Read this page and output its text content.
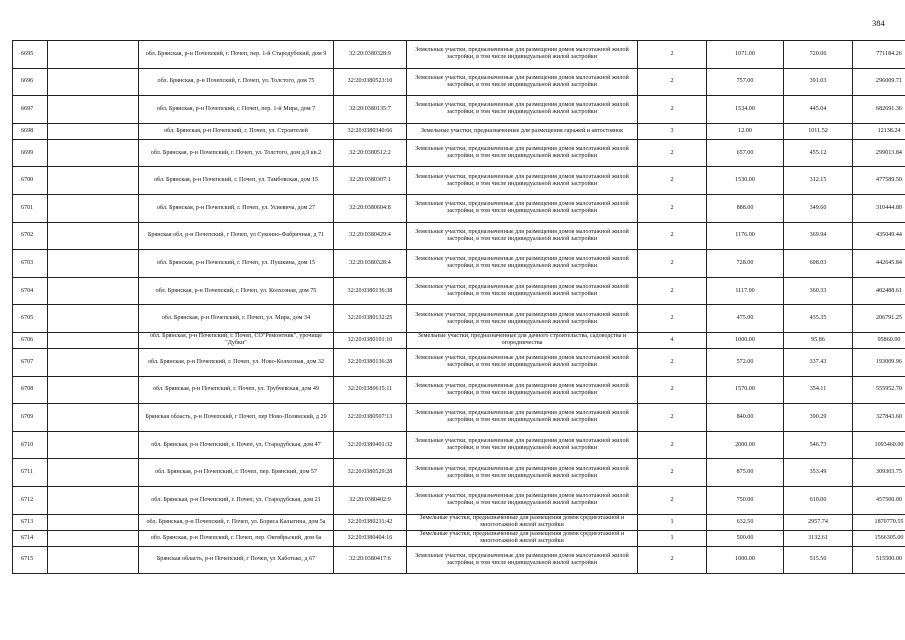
384
6695		обл. Брянская, р-н Почепский, г. Почеп, пер. 1-й Стародубский, дом 9	32:20:0380328:9	Земельные участки, предназначенные для размещения домов малоэтажной жилой застройки, в том числе индивидуальной жилой застройки	2	1071.00	720.06	771184.26
6696		обл. Брянская, р-н Почепский, г. Почеп, ул. Толстого, дом 75	32:20:0380523:10	Земельные участки, предназначенные для размещения домов малоэтажной жилой застройки, в том числе индивидуальной жилой застройки	2	757.00	391.03	296009.71
6697		обл. Брянская, р-н Почепский, г. Почеп, пер. 1-й Мира, дом 7	32:20:0380135:7	Земельные участки, предназначенные для размещения домов малоэтажной жилой застройки, в том числе индивидуальной жилой застройки	2	1534.00	445.04	682691.36
6698		обл. Брянская, р-н Почепский, г. Почеп, ул. Строителей	32:20:0380340:66	Земельные участки, предназначенные для размещения гаражей и автостоянок	3	12.00	1011.52	12138.24
6699		обл. Брянская, р-н Почепский, г. Почеп, ул. Толстого, дом д.9 кв.2	32:20:0380512:2	Земельные участки, предназначенные для размещения домов малоэтажной жилой застройки, в том числе индивидуальной жилой застройки	2	657.00	455.12	299013.84
6700		обл. Брянская, р-н Почепский, г. Почеп, ул. Тамбовская, дом 15	32:20:0380307:1	Земельные участки, предназначенные для размещения домов малоэтажной жилой застройки, в том числе индивидуальной жилой застройки	2	1530.00	312.15	477589.50
6701		обл. Брянская, р-н Почепский, г. Почеп, ул. Усиевича, дом 27	32:20:0380604:8	Земельные участки, предназначенные для размещения домов малоэтажной жилой застройки, в том числе индивидуальной жилой застройки	2	888.00	349.60	310444.80
6702		Брянская обл, р-н Почепский, г Почеп, ул Суконно-Фабричная, д 71	32:20:0380429:4	Земельные участки, предназначенные для размещения домов малоэтажной жилой застройки, в том числе индивидуальной жилой застройки	2	1176.00	369.94	435049.44
6703		обл. Брянская, р-н Почепский, г. Почеп, ул. Пушкина, дом 15	32:20:0380328:4	Земельные участки, предназначенные для размещения домов малоэтажной жилой застройки, в том числе индивидуальной жилой застройки	2	728.00	608.03	442645.84
6704		обл. Брянская, р-н Почепский, г. Почеп, ул. Колхозная, дом 75	32:20:0380136:38	Земельные участки, предназначенные для размещения домов малоэтажной жилой застройки, в том числе индивидуальной жилой застройки	2	1117.00	360.33	402488.61
6705		обл. Брянская, р-н Почепский, г. Почеп, ул. Мира, дом 34	32:20:0380132:25	Земельные участки, предназначенные для размещения домов малоэтажной жилой застройки, в том числе индивидуальной жилой застройки	2	475.00	435.35	206791.25
6706		обл. Брянская, р-н Почепский, г. Почеп, СО"Ремонтник", урочище "Дубки"	32:20:0380101:10	Земельные участки, предназначенные для дачного строительства, садоводства и огородничества	4	1000.00	95.86	95860.00
6707		обл. Брянская, р-н Почепский, г. Почеп, ул. Ново-Колхозная, дом 32	32:20:0380136:28	Земельные участки, предназначенные для размещения домов малоэтажной жилой застройки, в том числе индивидуальной жилой застройки	2	572.00	337.43	193009.96
6708		обл. Брянская, р-н Почепский, г. Почеп, ул. Трубчевская, дом 49	32:20:0380615:11	Земельные участки, предназначенные для размещения домов малоэтажной жилой застройки, в том числе индивидуальной жилой застройки	2	1570.00	354.11	555952.70
6709		Брянская область, р-н Почепский, г Почеп, пер Ново-Полянский, д 29	32:20:0380507:13	Земельные участки, предназначенные для размещения домов малоэтажной жилой застройки, в том числе индивидуальной жилой застройки	2	840.00	390.29	327843.60
6710		обл. Брянская, р-н Почепский, г. Почеп, ул. Стародубская, дом 47	32:20:0380401:32	Земельные участки, предназначенные для размещения домов малоэтажной жилой застройки, в том числе индивидуальной жилой застройки	2	2000.00	546.73	1093460.00
6711		обл. Брянская, р-н Почепский, г. Почеп, пер. Брянский, дом 57	32:20:0380529:28	Земельные участки, предназначенные для размещения домов малоэтажной жилой застройки, в том числе индивидуальной жилой застройки	2	875.00	353.49	309303.75
6712		обл. Брянская, р-н Почепский, г. Почеп, ул. Стародубская, дом 21	32:20:0380402:9	Земельные участки, предназначенные для размещения домов малоэтажной жилой застройки, в том числе индивидуальной жилой застройки	2	750.00	610.00	457500.00
6713		обл. Брянская, р-н Почепский, г. Почеп, ул. Бориса Калыгина, дом 5а	32:20:0380231:42	Земельные участки, предназначенные для размещения домов среднеэтажной и многоэтажной жилой застройки	1	632.50	2957.74	1870770.55
6714		обл. Брянская, р-н Почепский, г. Почеп, пер. Октябрьский, дом 6а	32:20:0380404:16	Земельные участки, предназначенные для размещения домов среднеэтажной и многоэтажной жилой застройки	1	500.00	3132.61	1566305.00
6715		Брянская область, р-н Почепский, г Почеп, ул Хаботько, д 67	32:20:0380417:6	Земельные участки, предназначенные для размещения домов малоэтажной жилой застройки, в том числе индивидуальной жилой застройки	2	1000.00	515.50	515500.00
